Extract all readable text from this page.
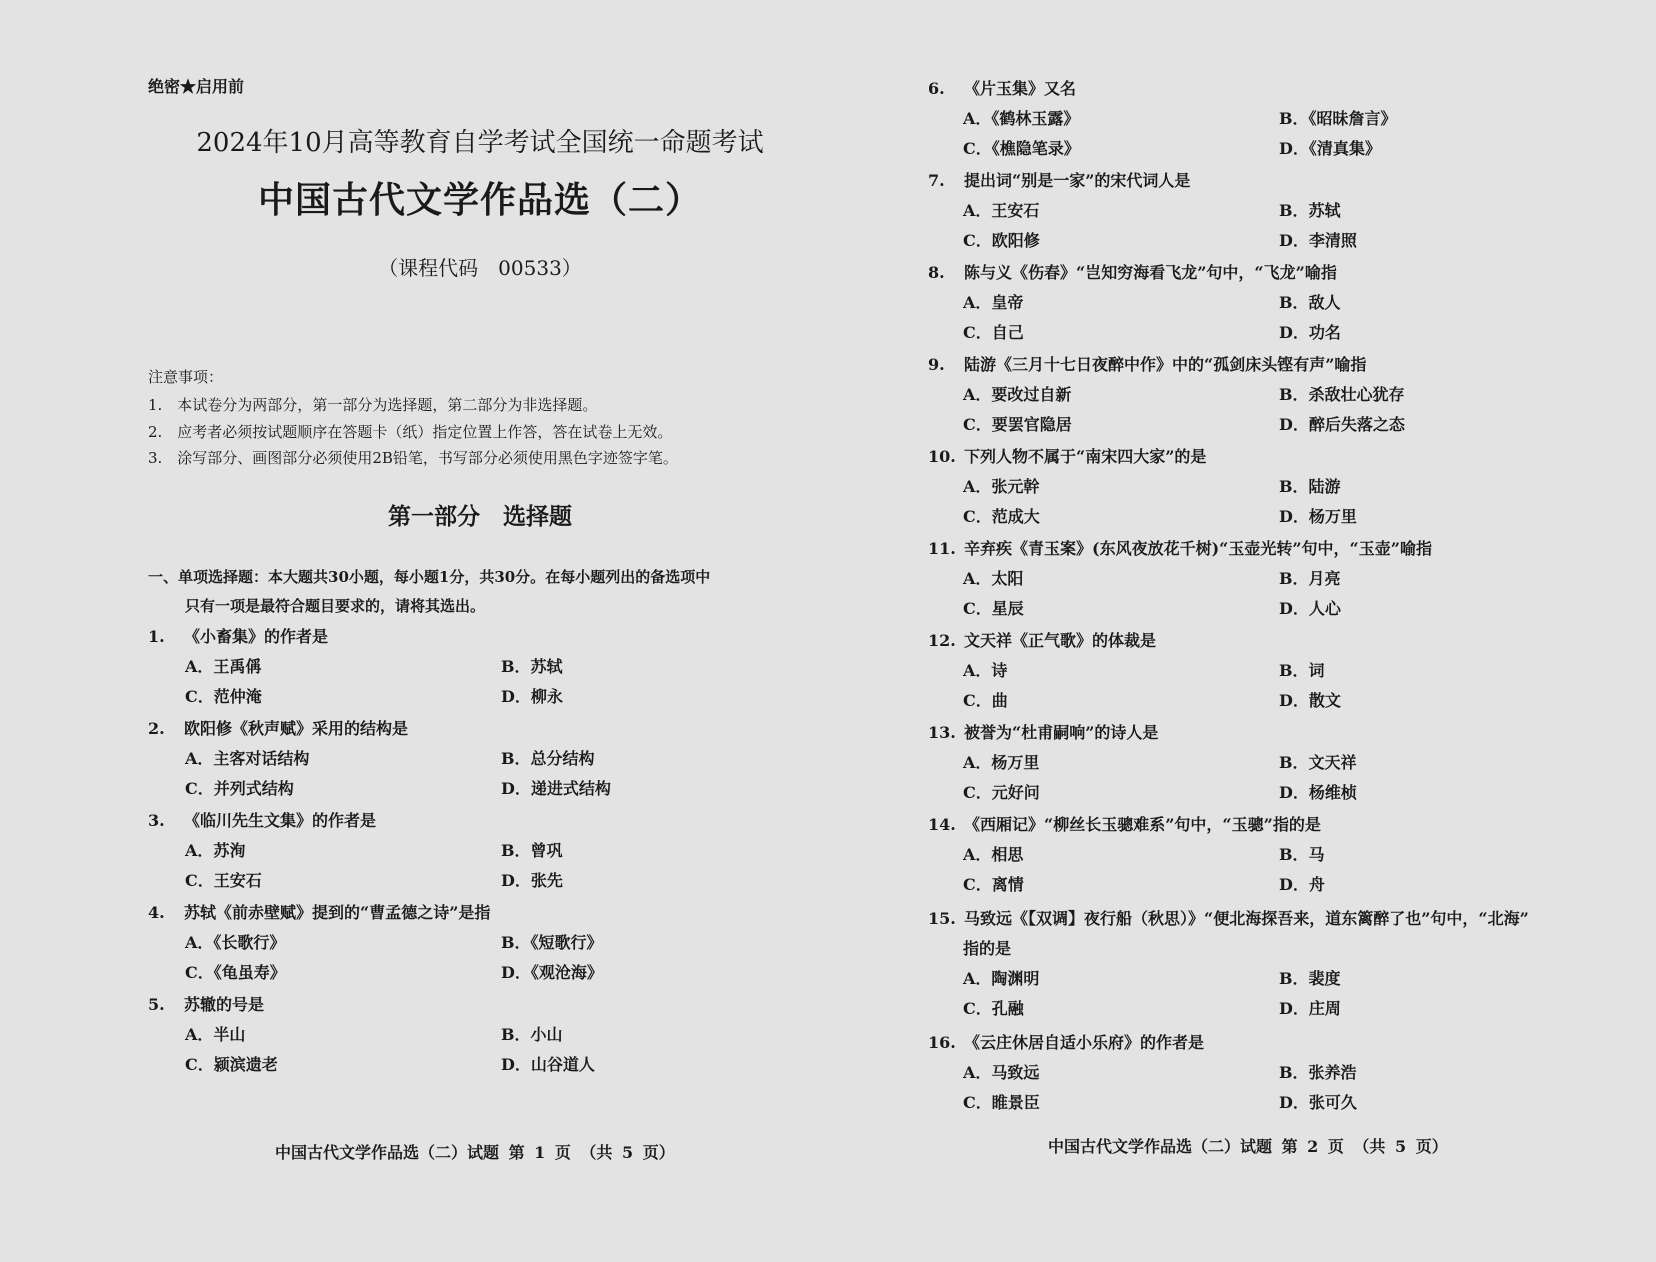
绝密★启用前
2024年10月高等教育自学考试全国统一命题考试
中国古代文学作品选（二）
（课程代码　00533）
注意事项：
1.　本试卷分为两部分，第一部分为选择题，第二部分为非选择题。
2.　应考者必须按试题顺序在答题卡（纸）指定位置上作答，答在试卷上无效。
3.　涂写部分、画图部分必须使用2B铅笔，书写部分必须使用黑色字迹签字笔。
第一部分　选择题
一、单项选择题：本大题共30小题，每小题1分，共30分。在每小题列出的备选项中
只有一项是最符合题目要求的，请将其选出。
1. 《小畜集》的作者是
A．王禹偁	B．苏轼
C．范仲淹	D．柳永
2. 欧阳修《秋声赋》采用的结构是
A．主客对话结构	B．总分结构
C．并列式结构	D．递进式结构
3. 《临川先生文集》的作者是
A．苏洵	B．曾巩
C．王安石	D．张先
4. 苏轼《前赤壁赋》提到的“曹孟德之诗”是指
A．《长歌行》	B．《短歌行》
C．《龟虽寿》	D．《观沧海》
5. 苏辙的号是
A．半山	B．小山
C．颍滨遗老	D．山谷道人
中国古代文学作品选（二）试题 第 1 页 （共 5 页）
6. 《片玉集》又名
A．《鹤林玉露》	B．《昭昧詹言》
C．《樵隐笔录》	D．《清真集》
7. 提出词“别是一家”的宋代词人是
A．王安石	B．苏轼
C．欧阳修	D．李清照
8. 陈与义《伤春》“岂知穷海看飞龙”句中，“飞龙”喻指
A．皇帝	B．敌人
C．自己	D．功名
9. 陆游《三月十七日夜醉中作》中的“孤剑床头铿有声”喻指
A．要改过自新	B．杀敌壮心犹存
C．要罢官隐居	D．醉后失落之态
10. 下列人物不属于“南宋四大家”的是
A．张元幹	B．陆游
C．范成大	D．杨万里
11. 辛弃疾《青玉案》(东风夜放花千树)“玉壶光转”句中，“玉壶”喻指
A．太阳	B．月亮
C．星辰	D．人心
12. 文天祥《正气歌》的体裁是
A．诗	B．词
C．曲	D．散文
13. 被誉为“杜甫嗣响”的诗人是
A．杨万里	B．文天祥
C．元好问	D．杨维桢
14. 《西厢记》“柳丝长玉骢难系”句中，“玉骢”指的是
A．相思	B．马
C．离情	D．舟
15. 马致远《【双调】夜行船（秋思）》“便北海探吾来，道东篱醉了也”句中，“北海”
指的是
A．陶渊明	B．裴度
C．孔融	D．庄周
16. 《云庄休居自适小乐府》的作者是
A．马致远	B．张养浩
C．睢景臣	D．张可久
中国古代文学作品选（二）试题 第 2 页 （共 5 页）
